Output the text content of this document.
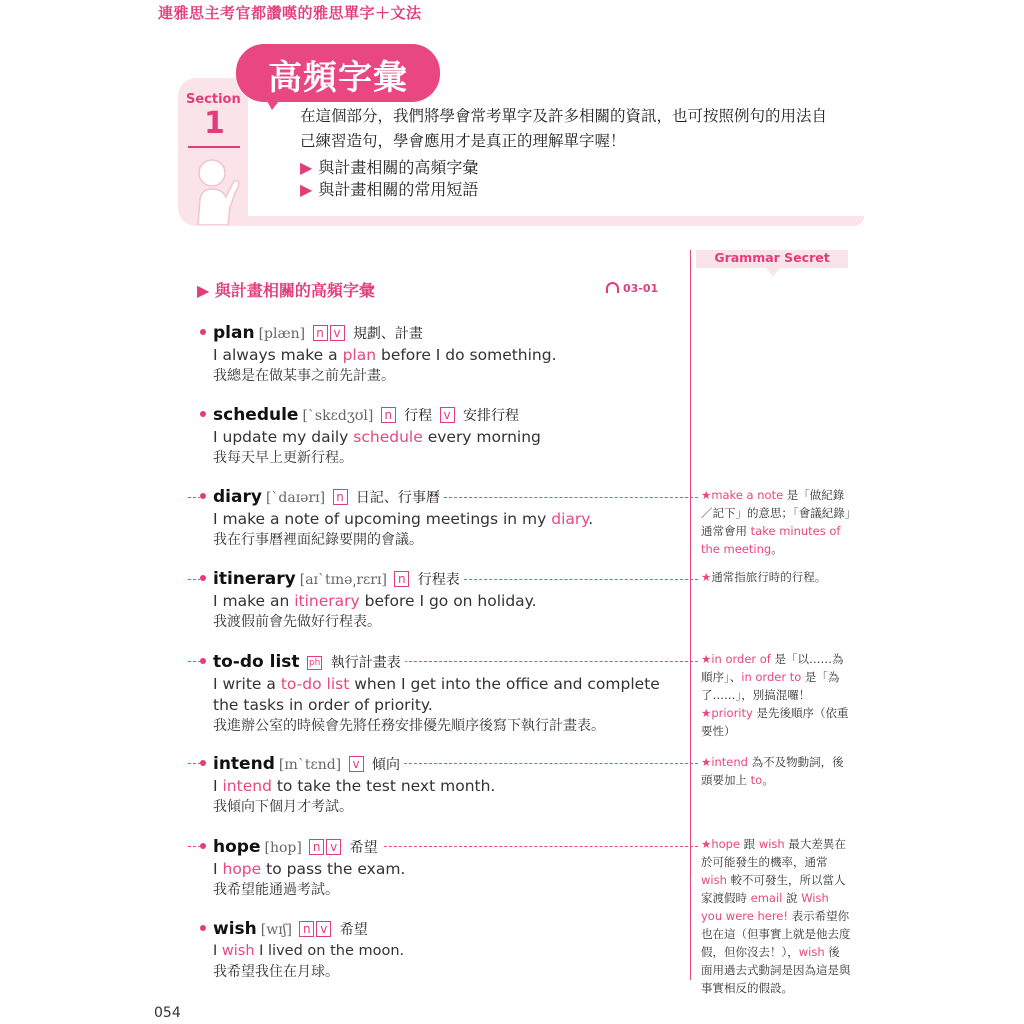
連雅思主考官都讚嘆的雅思單字＋文法
Section
1
高頻字彙
在這個部分，我們將學會常考單字及許多相關的資訊，也可按照例句的用法自己練習造句，學會應用才是真正的理解單字喔！
▶ 與計畫相關的高頻字彙
▶ 與計畫相關的常用短語
Grammar Secret
▶ 與計畫相關的高頻字彙	03-01
plan [plæn] n v 規劃、計畫
I always make a plan before I do something.
我總是在做某事之前先計畫。
schedule [ˋskɛdʒʊl] n 行程 v 安排行程
I update my daily schedule every morning
我每天早上更新行程。
diary [ˋdaɪərɪ] n 日記、行事曆
I make a note of upcoming meetings in my diary.
我在行事曆裡面紀錄要開的會議。
★make a note 是「做紀錄／記下」的意思；「會議紀錄」通常會用 take minutes of the meeting。
itinerary [aɪˋtɪnə͵rɛrɪ] n 行程表
I make an itinerary before I go on holiday.
我渡假前會先做好行程表。
★通常指旅行時的行程。
to-do list ph 執行計畫表
I write a to-do list when I get into the office and complete
the tasks in order of priority.
我進辦公室的時候會先將任務安排優先順序後寫下執行計畫表。
★in order of 是「以……為順序」、in order to 是「為了……」，別搞混囉！
★priority 是先後順序（依重要性）
intend [ɪnˋtɛnd] v 傾向
I intend to take the test next month.
我傾向下個月才考試。
★intend 為不及物動詞，後頭要加上 to。
hope [hop] n v 希望
I hope to pass the exam.
我希望能通過考試。
★hope 跟 wish 最大差異在於可能發生的機率，通常 wish 較不可發生，所以當人家渡假時 email 說 Wish you were here! 表示希望你也在這（但事實上就是他去度假，但你沒去！），wish 後面用過去式動詞是因為這是與事實相反的假設。
wish [wɪʃ] n v 希望
I wish I lived on the moon.
我希望我住在月球。
054
